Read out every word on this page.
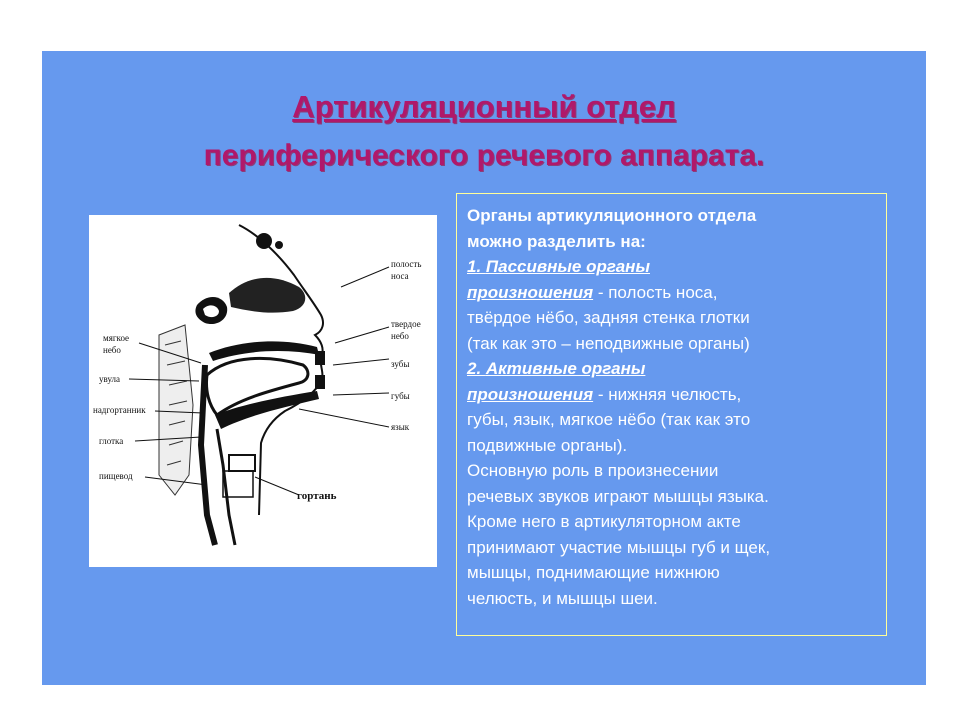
Артикуляционный отдел
периферического речевого аппарата.
полость
носа
твердое
небо
зубы
губы
язык
мягкое
небо
увула
надгортанник
глотка
пищевод
гортань

Органы артикуляционного отдела

можно разделить на:

1. Пассивные органы

произношения - полость носа,

твёрдое нёбо, задняя стенка глотки

(так как это – неподвижные органы)

2. Активные органы

произношения - нижняя челюсть,

губы, язык, мягкое нёбо (так как это

подвижные органы).

Основную роль в произнесении

речевых звуков играют мышцы языка.

Кроме него в артикуляторном акте

принимают участие мышцы губ и щек,

мышцы, поднимающие нижнюю

челюсть, и мышцы шеи.
